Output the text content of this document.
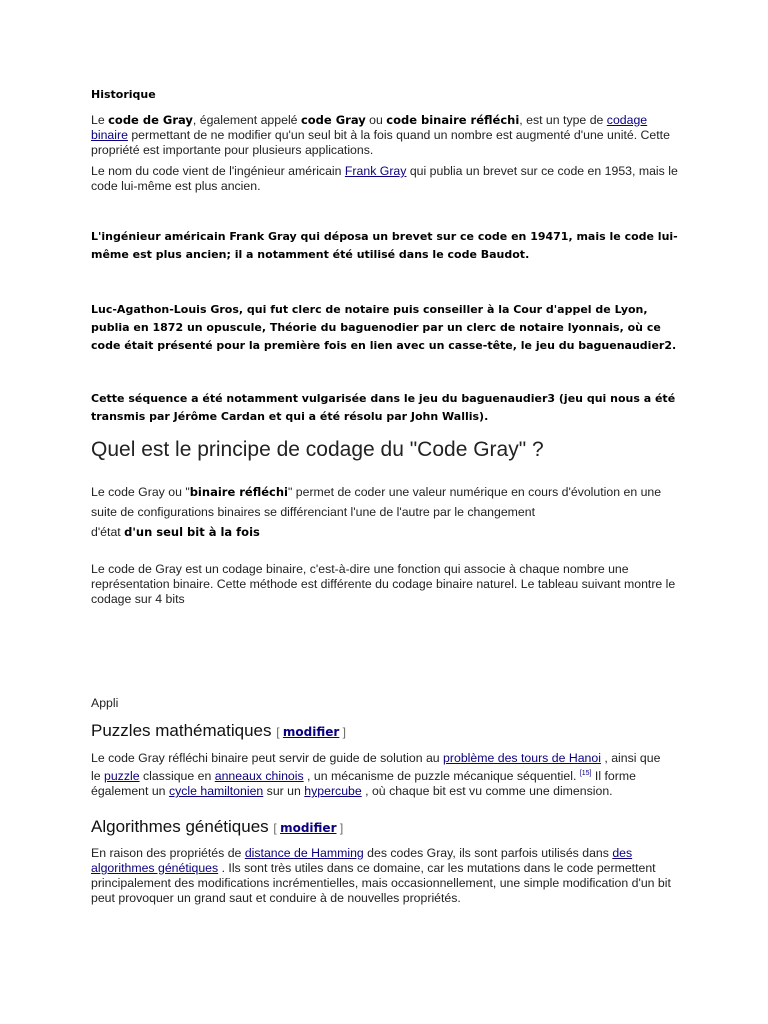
Historique
Le code de Gray, également appelé code Gray ou code binaire réfléchi, est un type de codage binaire permettant de ne modifier qu'un seul bit à la fois quand un nombre est augmenté d'une unité. Cette propriété est importante pour plusieurs applications.
Le nom du code vient de l'ingénieur américain Frank Gray qui publia un brevet sur ce code en 1953, mais le code lui-même est plus ancien.
L'ingénieur américain Frank Gray qui déposa un brevet sur ce code en 19471, mais le code lui-même est plus ancien; il a notamment été utilisé dans le code Baudot.
Luc-Agathon-Louis Gros, qui fut clerc de notaire puis conseiller à la Cour d'appel de Lyon, publia en 1872 un opuscule, Théorie du baguenodier par un clerc de notaire lyonnais, où ce code était présenté pour la première fois en lien avec un casse-tête, le jeu du baguenaudier2.
Cette séquence a été notamment vulgarisée dans le jeu du baguenaudier3 (jeu qui nous a été transmis par Jérôme Cardan et qui a été résolu par John Wallis).
Quel est le principe de codage du "Code Gray" ?
Le code Gray ou "binaire réfléchi" permet de coder une valeur numérique en cours d'évolution en une suite de configurations binaires se différenciant l'une de l'autre par le changement
d'état d'un seul bit à la fois
Le code de Gray est un codage binaire, c'est-à-dire une fonction qui associe à chaque nombre une représentation binaire. Cette méthode est différente du codage binaire naturel. Le tableau suivant montre le codage sur 4 bits
Appli
Puzzles mathématiques [ modifier ]
Le code Gray réfléchi binaire peut servir de guide de solution au problème des tours de Hanoi , ainsi que le puzzle classique en anneaux chinois , un mécanisme de puzzle mécanique séquentiel. [15] Il forme également un cycle hamiltonien sur un hypercube , où chaque bit est vu comme une dimension.
Algorithmes génétiques [ modifier ]
En raison des propriétés de distance de Hamming des codes Gray, ils sont parfois utilisés dans des algorithmes génétiques . Ils sont très utiles dans ce domaine, car les mutations dans le code permettent principalement des modifications incrémentielles, mais occasionnellement, une simple modification d'un bit peut provoquer un grand saut et conduire à de nouvelles propriétés.
